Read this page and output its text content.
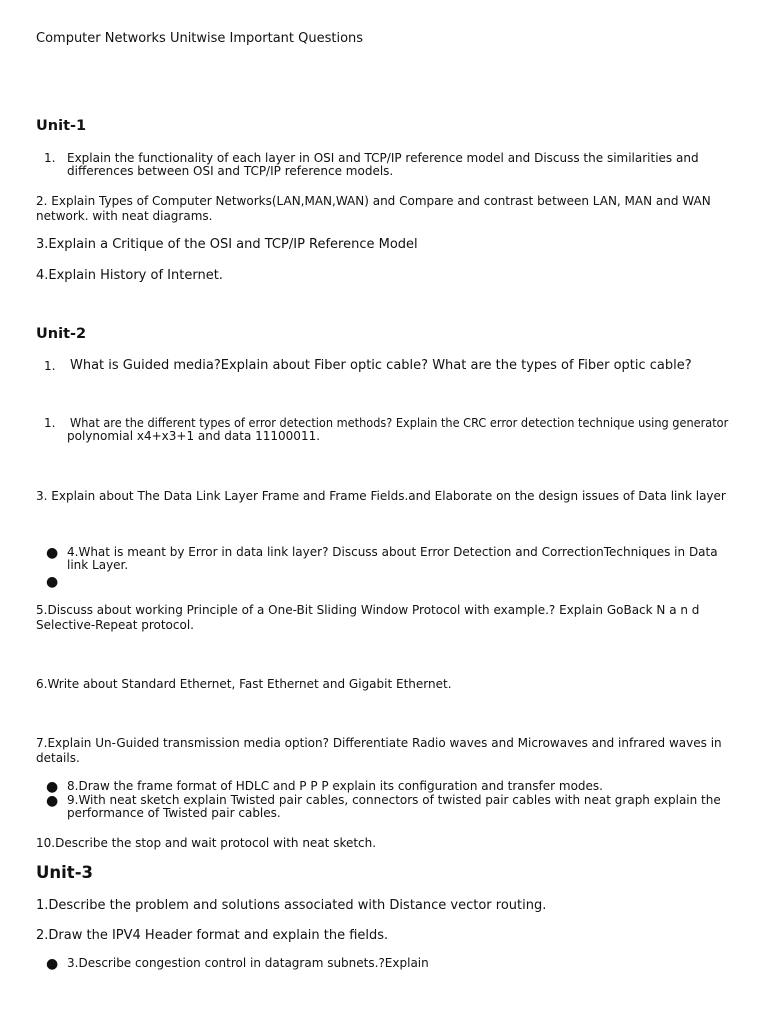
Computer Networks Unitwise Important Questions
Unit-1
1. Explain the functionality of each layer in OSI and TCP/IP reference model and Discuss the similarities and
differences between OSI and TCP/IP reference models.
2. Explain Types of Computer Networks(LAN,MAN,WAN) and Compare and contrast between LAN, MAN and WAN
network. with neat diagrams.
3.Explain a Critique of the OSI and TCP/IP Reference Model
4.Explain History of Internet.
Unit-2
1. What is Guided media?Explain about Fiber optic cable? What are the types of Fiber optic cable?
1. What are the different types of error detection methods? Explain the CRC error detection technique using generator
polynomial x4+x3+1 and data 11100011.
3. Explain about The Data Link Layer Frame and Frame Fields.and Elaborate on the design issues of Data link layer
● 4.What is meant by Error in data link layer? Discuss about Error Detection and CorrectionTechniques in Data
link Layer.
●
5.Discuss about working Principle of a One-Bit Sliding Window Protocol with example.? Explain GoBack N a n d
Selective-Repeat protocol.
6.Write about Standard Ethernet, Fast Ethernet and Gigabit Ethernet.
7.Explain Un-Guided transmission media option? Differentiate Radio waves and Microwaves and infrared waves in
details.
● 8.Draw the frame format of HDLC and P P P explain its configuration and transfer modes.
● 9.With neat sketch explain Twisted pair cables, connectors of twisted pair cables with neat graph explain the
performance of Twisted pair cables.
10.Describe the stop and wait protocol with neat sketch.
Unit-3
1.Describe the problem and solutions associated with Distance vector routing.
2.Draw the IPV4 Header format and explain the fields.
● 3.Describe congestion control in datagram subnets.?Explain
